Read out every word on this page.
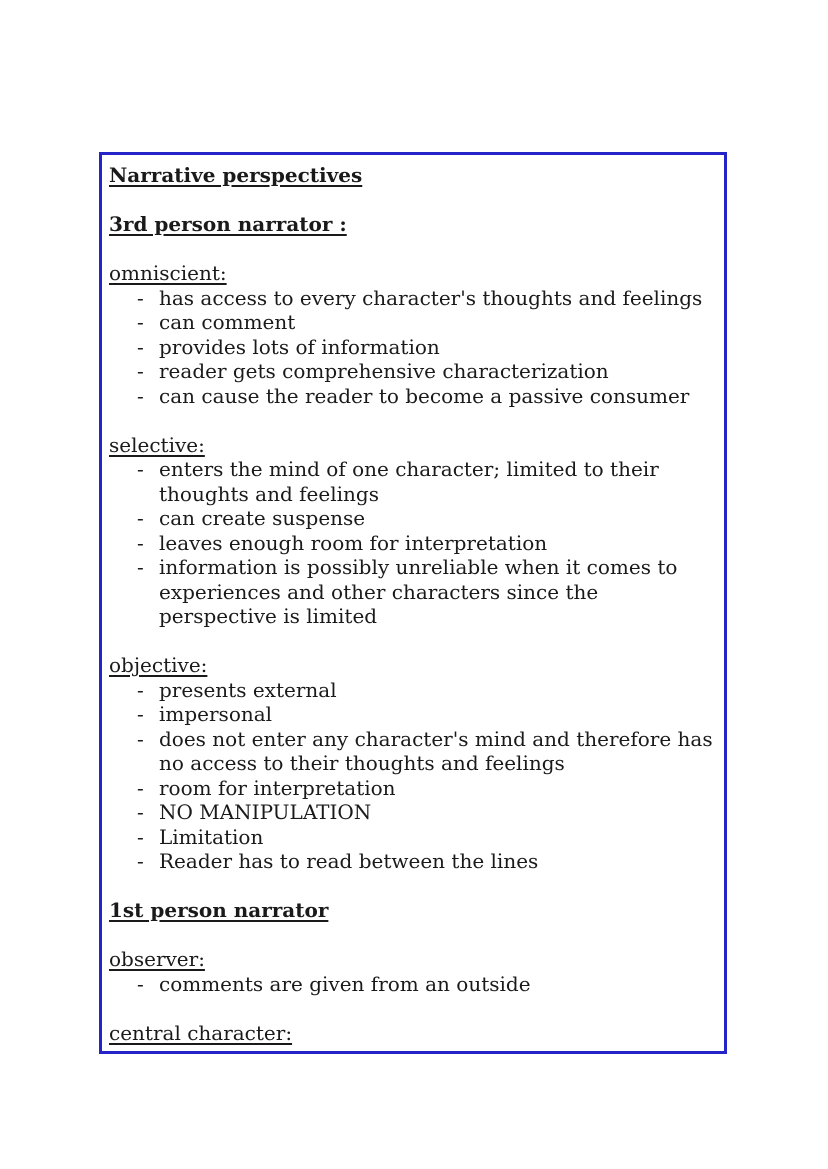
Narrative perspectives

3rd person narrator :

omniscient:

- has access to every character's thoughts and feelings
- can comment
- provides lots of information
- reader gets comprehensive characterization
- can cause the reader to become a passive consumer

selective:

- enters the mind of one character; limited to their thoughts and feelings
- can create suspense
- leaves enough room for interpretation
- information is possibly unreliable when it comes to experiences and other characters since the perspective is limited

objective:

- presents external
- impersonal
- does not enter any character's mind and therefore has no access to their thoughts and feelings
- room for interpretation
- NO MANIPULATION
- Limitation
- Reader has to read between the lines

1st person narrator

observer:

- comments are given from an outside

central character:
